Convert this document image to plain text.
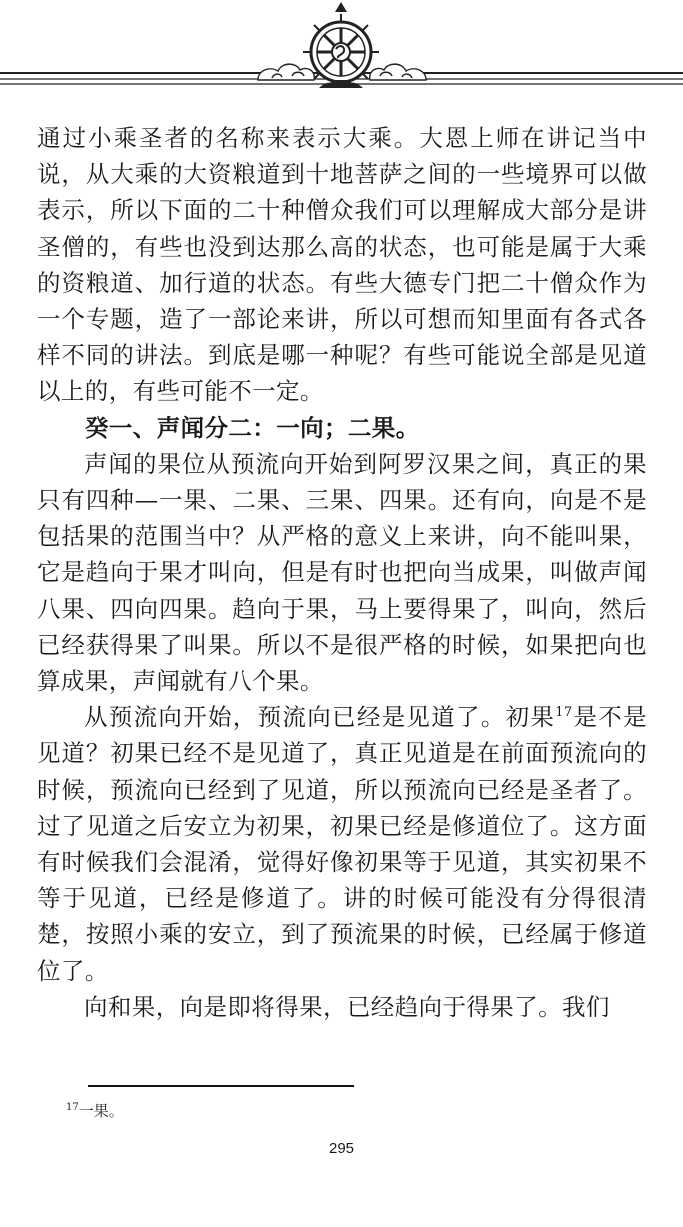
通过小乘圣者的名称来表示大乘。大恩上师在讲记当中说，从大乘的大资粮道到十地菩萨之间的一些境界可以做表示，所以下面的二十种僧众我们可以理解成大部分是讲圣僧的，有些也没到达那么高的状态，也可能是属于大乘的资粮道、加行道的状态。有些大德专门把二十僧众作为一个专题，造了一部论来讲，所以可想而知里面有各式各样不同的讲法。到底是哪一种呢？有些可能说全部是见道以上的，有些可能不一定。

癸一、声闻分二：一向；二果。

声闻的果位从预流向开始到阿罗汉果之间，真正的果只有四种—一果、二果、三果、四果。还有向，向是不是包括果的范围当中？从严格的意义上来讲，向不能叫果，它是趋向于果才叫向，但是有时也把向当成果，叫做声闻八果、四向四果。趋向于果，马上要得果了，叫向，然后已经获得果了叫果。所以不是很严格的时候，如果把向也算成果，声闻就有八个果。

从预流向开始，预流向已经是见道了。初果$^{17}$是不是见道？初果已经不是见道了，真正见道是在前面预流向的时候，预流向已经到了见道，所以预流向已经是圣者了。过了见道之后安立为初果，初果已经是修道位了。这方面有时候我们会混淆，觉得好像初果等于见道，其实初果不等于见道，已经是修道了。讲的时候可能没有分得很清楚，按照小乘的安立，到了预流果的时候，已经属于修道位了。

向和果，向是即将得果，已经趋向于得果了。我们

$^{17}$一果。
295
